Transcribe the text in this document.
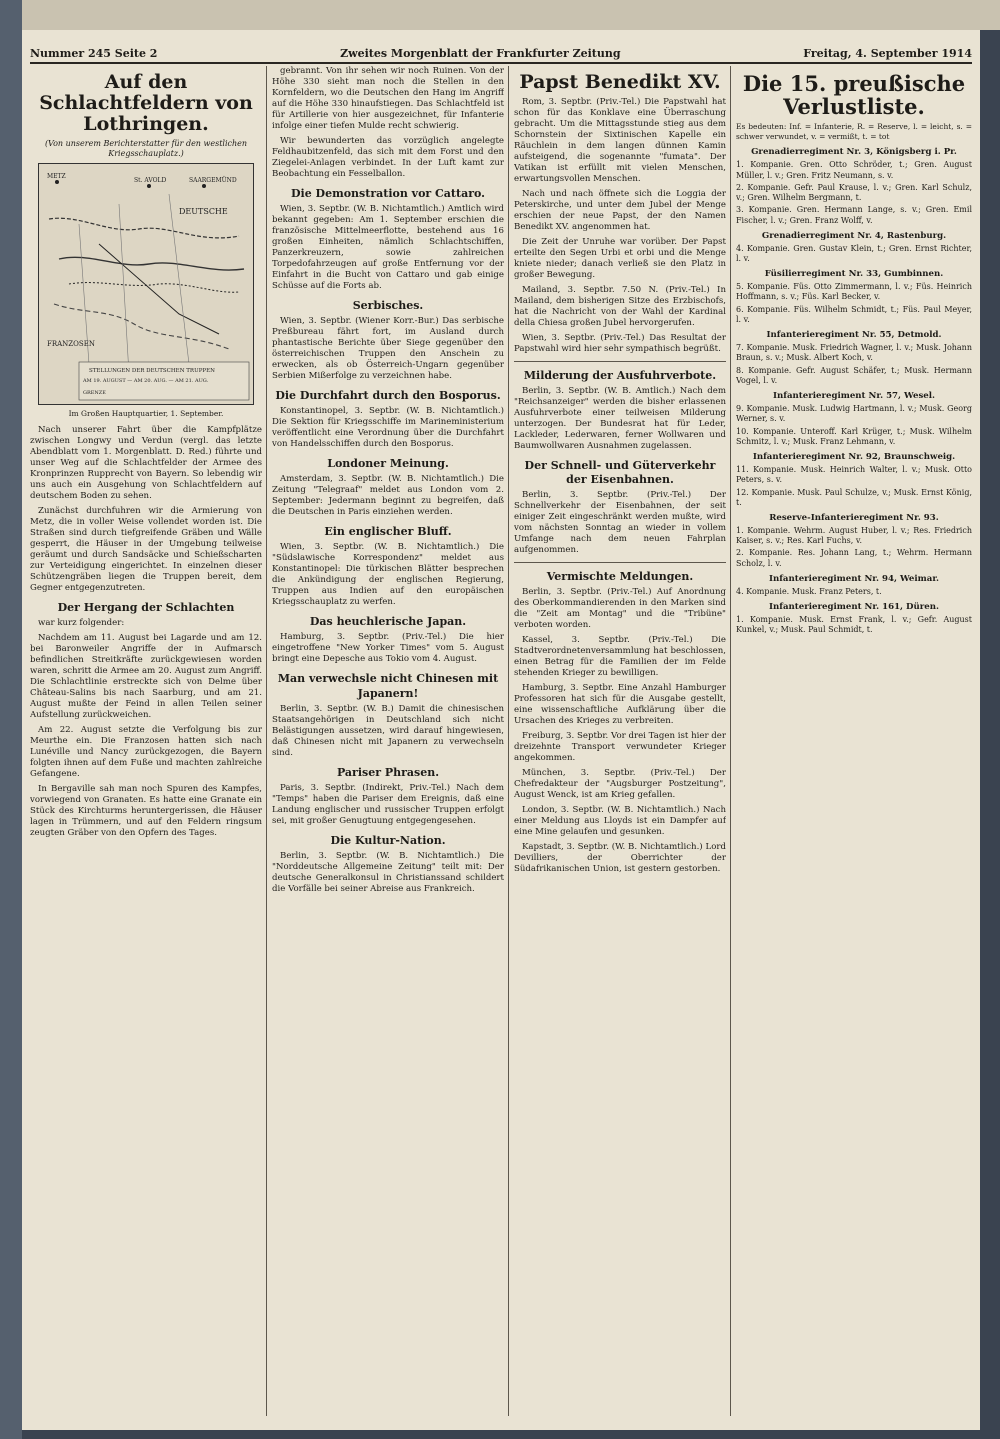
Nummer 245 Seite 2	Zweites Morgenblatt der Frankfurter Zeitung	Freitag, 4. September 1914
Auf den Schlachtfeldern von Lothringen.
(Von unserem Berichterstatter für den westlichen Kriegsschauplatz.)
METZ
St. AVOLD	SAARGEMÜND
DEUTSCHE
FRANZOSEN
STELLUNGEN DER DEUTSCHEN TRUPPEN
AM 19. AUGUST — AM 20. AUG. — AM 21. AUG.
GRENZE
Im Großen Hauptquartier, 1. September.

Nach unserer Fahrt über die Kampfplätze zwischen Longwy und Verdun (vergl. das letzte Abendblatt vom 1. Morgenblatt. D. Red.) führte und unser Weg auf die Schlachtfelder der Armee des Kronprinzen Rupprecht von Bayern. So lebendig wir uns auch ein Ausgehung von Schlachtfeldern auf deutschem Boden zu sehen.

Zunächst durchfuhren wir die Armierung von Metz, die in voller Weise vollendet worden ist. Die Straßen sind durch tiefgreifende Gräben und Wälle gesperrt, die Häuser in der Umgebung teilweise geräumt und durch Sandsäcke und Schießscharten zur Verteidigung eingerichtet. In einzelnen dieser Schützengräben liegen die Truppen bereit, dem Gegner entgegenzutreten.

Der Hergang der Schlachten

war kurz folgender:

Nachdem am 11. August bei Lagarde und am 12. bei Baronweiler Angriffe der in Aufmarsch befindlichen Streitkräfte zurückgewiesen worden waren, schritt die Armee am 20. August zum Angriff. Die Schlachtlinie erstreckte sich von Delme über Château-Salins bis nach Saarburg, und am 21. August mußte der Feind in allen Teilen seiner Aufstellung zurückweichen.

Am 22. August setzte die Verfolgung bis zur Meurthe ein. Die Franzosen hatten sich nach Lunéville und Nancy zurückgezogen, die Bayern folgten ihnen auf dem Fuße und machten zahlreiche Gefangene.

In Bergaville sah man noch Spuren des Kampfes, vorwiegend von Granaten. Es hatte eine Granate ein Stück des Kirchturms heruntergerissen, die Häuser lagen in Trümmern, und auf den Feldern ringsum zeugten Gräber von den Opfern des Tages.

gebrannt. Von ihr sehen wir noch Ruinen. Von der Höhe 330 sieht man noch die Stellen in den Kornfeldern, wo die Deutschen den Hang im Angriff auf die Höhe 330 hinaufstiegen. Das Schlachtfeld ist für Artillerie von hier ausgezeichnet, für Infanterie infolge einer tiefen Mulde recht schwierig.

Wir bewunderten das vorzüglich angelegte Feldhaubitzenfeld, das sich mit dem Forst und den Ziegelei-Anlagen verbindet. In der Luft kamt zur Beobachtung ein Fesselballon.

Die Demonstration vor Cattaro.

Wien, 3. Septbr. (W. B. Nichtamtlich.) Amtlich wird bekannt gegeben: Am 1. September erschien die französische Mittelmeerflotte, bestehend aus 16 großen Einheiten, nämlich Schlachtschiffen, Panzerkreuzern, sowie zahlreichen Torpedofahrzeugen auf große Entfernung vor der Einfahrt in die Bucht von Cattaro und gab einige Schüsse auf die Forts ab.

Serbisches.

Wien, 3. Septbr. (Wiener Korr.-Bur.) Das serbische Preßbureau fährt fort, im Ausland durch phantastische Berichte über Siege gegenüber den österreichischen Truppen den Anschein zu erwecken, als ob Österreich-Ungarn gegenüber Serbien Mißerfolge zu verzeichnen habe.

Die Durchfahrt durch den Bosporus.

Konstantinopel, 3. Septbr. (W. B. Nichtamtlich.) Die Sektion für Kriegsschiffe im Marineministerium veröffentlicht eine Verordnung über die Durchfahrt von Handelsschiffen durch den Bosporus.

Londoner Meinung.

Amsterdam, 3. Septbr. (W. B. Nichtamtlich.) Die Zeitung "Telegraaf" meldet aus London vom 2. September: Jedermann beginnt zu begreifen, daß die Deutschen in Paris einziehen werden.

Ein englischer Bluff.

Wien, 3. Septbr. (W. B. Nichtamtlich.) Die "Südslawische Korrespondenz" meldet aus Konstantinopel: Die türkischen Blätter besprechen die Ankündigung der englischen Regierung, Truppen aus Indien auf den europäischen Kriegsschauplatz zu werfen.

Das heuchlerische Japan.

Hamburg, 3. Septbr. (Priv.-Tel.) Die hier eingetroffene "New Yorker Times" vom 5. August bringt eine Depesche aus Tokio vom 4. August.

Man verwechsle nicht Chinesen mit Japanern!

Berlin, 3. Septbr. (W. B.) Damit die chinesischen Staatsangehörigen in Deutschland sich nicht Belästigungen aussetzen, wird darauf hingewiesen, daß Chinesen nicht mit Japanern zu verwechseln sind.

Pariser Phrasen.

Paris, 3. Septbr. (Indirekt, Priv.-Tel.) Nach dem "Temps" haben die Pariser dem Ereignis, daß eine Landung englischer und russischer Truppen erfolgt sei, mit großer Genugtuung entgegengesehen.

Die Kultur-Nation.

Berlin, 3. Septbr. (W. B. Nichtamtlich.) Die "Norddeutsche Allgemeine Zeitung" teilt mit: Der deutsche Generalkonsul in Christianssand schildert die Vorfälle bei seiner Abreise aus Frankreich.

Papst Benedikt XV.

Rom, 3. Septbr. (Priv.-Tel.) Die Papstwahl hat schon für das Konklave eine Überraschung gebracht. Um die Mittagsstunde stieg aus dem Schornstein der Sixtinischen Kapelle ein Räuchlein in dem langen dünnen Kamin aufsteigend, die sogenannte "fumata". Der Vatikan ist erfüllt mit vielen Menschen, erwartungsvollen Menschen.

Nach und nach öffnete sich die Loggia der Peterskirche, und unter dem Jubel der Menge erschien der neue Papst, der den Namen Benedikt XV. angenommen hat.

Die Zeit der Unruhe war vorüber. Der Papst erteilte den Segen Urbi et orbi und die Menge kniete nieder; danach verließ sie den Platz in großer Bewegung.

Mailand, 3. Septbr. 7.50 N. (Priv.-Tel.) In Mailand, dem bisherigen Sitze des Erzbischofs, hat die Nachricht von der Wahl der Kardinal della Chiesa großen Jubel hervorgerufen.

Wien, 3. Septbr. (Priv.-Tel.) Das Resultat der Papstwahl wird hier sehr sympathisch begrüßt.

Milderung der Ausfuhrverbote.

Berlin, 3. Septbr. (W. B. Amtlich.) Nach dem "Reichsanzeiger" werden die bisher erlassenen Ausfuhrverbote einer teilweisen Milderung unterzogen. Der Bundesrat hat für Leder, Lackleder, Lederwaren, ferner Wollwaren und Baumwollwaren Ausnahmen zugelassen.

Der Schnell- und Güterverkehr der Eisenbahnen.

Berlin, 3. Septbr. (Priv.-Tel.) Der Schnellverkehr der Eisenbahnen, der seit einiger Zeit eingeschränkt werden mußte, wird vom nächsten Sonntag an wieder in vollem Umfange nach dem neuen Fahrplan aufgenommen.

Vermischte Meldungen.

Berlin, 3. Septbr. (Priv.-Tel.) Auf Anordnung des Oberkommandierenden in den Marken sind die "Zeit am Montag" und die "Tribüne" verboten worden.

Kassel, 3. Septbr. (Priv.-Tel.) Die Stadtverordnetenversammlung hat beschlossen, einen Betrag für die Familien der im Felde stehenden Krieger zu bewilligen.

Hamburg, 3. Septbr. Eine Anzahl Hamburger Professoren hat sich für die Ausgabe gestellt, eine wissenschaftliche Aufklärung über die Ursachen des Krieges zu verbreiten.

Freiburg, 3. Septbr. Vor drei Tagen ist hier der dreizehnte Transport verwundeter Krieger angekommen.

München, 3. Septbr. (Priv.-Tel.) Der Chefredakteur der "Augsburger Postzeitung", August Wenck, ist am Krieg gefallen.

London, 3. Septbr. (W. B. Nichtamtlich.) Nach einer Meldung aus Lloyds ist ein Dampfer auf eine Mine gelaufen und gesunken.

Kapstadt, 3. Septbr. (W. B. Nichtamtlich.) Lord Devilliers, der Oberrichter der Südafrikanischen Union, ist gestern gestorben.

Die 15. preußische Verlustliste.
Es bedeuten: Inf. = Infanterie, R. = Reserve, l. = leicht, s. = schwer verwundet, v. = vermißt, t. = tot
Grenadierregiment Nr. 3, Königsberg i. Pr.

1. Kompanie. Gren. Otto Schröder, t.; Gren. August Müller, l. v.; Gren. Fritz Neumann, s. v.

2. Kompanie. Gefr. Paul Krause, l. v.; Gren. Karl Schulz, v.; Gren. Wilhelm Bergmann, t.

3. Kompanie. Gren. Hermann Lange, s. v.; Gren. Emil Fischer, l. v.; Gren. Franz Wolff, v.

Grenadierregiment Nr. 4, Rastenburg.

4. Kompanie. Gren. Gustav Klein, t.; Gren. Ernst Richter, l. v.

Füsilierregiment Nr. 33, Gumbinnen.

5. Kompanie. Füs. Otto Zimmermann, l. v.; Füs. Heinrich Hoffmann, s. v.; Füs. Karl Becker, v.

6. Kompanie. Füs. Wilhelm Schmidt, t.; Füs. Paul Meyer, l. v.

Infanterieregiment Nr. 55, Detmold.

7. Kompanie. Musk. Friedrich Wagner, l. v.; Musk. Johann Braun, s. v.; Musk. Albert Koch, v.

8. Kompanie. Gefr. August Schäfer, t.; Musk. Hermann Vogel, l. v.

Infanterieregiment Nr. 57, Wesel.

9. Kompanie. Musk. Ludwig Hartmann, l. v.; Musk. Georg Werner, s. v.

10. Kompanie. Unteroff. Karl Krüger, t.; Musk. Wilhelm Schmitz, l. v.; Musk. Franz Lehmann, v.

Infanterieregiment Nr. 92, Braunschweig.

11. Kompanie. Musk. Heinrich Walter, l. v.; Musk. Otto Peters, s. v.

12. Kompanie. Musk. Paul Schulze, v.; Musk. Ernst König, t.

Reserve-Infanterieregiment Nr. 93.

1. Kompanie. Wehrm. August Huber, l. v.; Res. Friedrich Kaiser, s. v.; Res. Karl Fuchs, v.

2. Kompanie. Res. Johann Lang, t.; Wehrm. Hermann Scholz, l. v.

Infanterieregiment Nr. 94, Weimar.

4. Kompanie. Musk. Franz Peters, t.

Infanterieregiment Nr. 161, Düren.

1. Kompanie. Musk. Ernst Frank, l. v.; Gefr. August Kunkel, v.; Musk. Paul Schmidt, t.
